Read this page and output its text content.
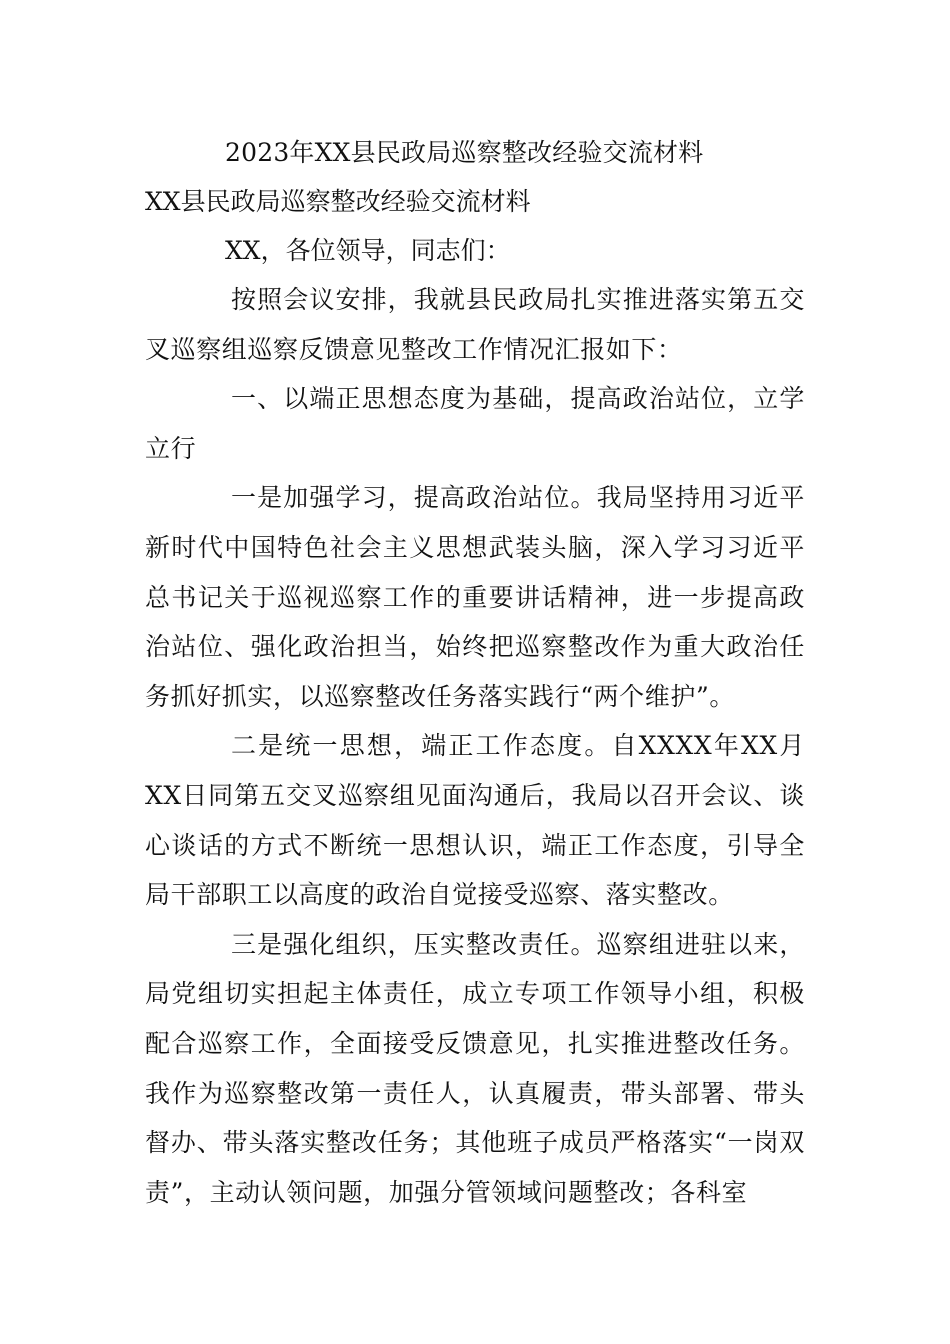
2023年XX县民政局巡察整改经验交流材料
XX县民政局巡察整改经验交流材料

XX，各位领导，同志们：

按照会议安排，我就县民政局扎实推进落实第五交叉巡察组巡察反馈意见整改工作情况汇报如下：

一、以端正思想态度为基础，提高政治站位，立学立行

一是加强学习，提高政治站位。我局坚持用习近平新时代中国特色社会主义思想武装头脑，深入学习习近平总书记关于巡视巡察工作的重要讲话精神，进一步提高政治站位、强化政治担当，始终把巡察整改作为重大政治任务抓好抓实，以巡察整改任务落实践行“两个维护”。

二是统一思想，端正工作态度。自XXXX年XX月XX日同第五交叉巡察组见面沟通后，我局以召开会议、谈心谈话的方式不断统一思想认识，端正工作态度，引导全局干部职工以高度的政治自觉接受巡察、落实整改。

三是强化组织，压实整改责任。巡察组进驻以来，局党组切实担起主体责任，成立专项工作领导小组，积极配合巡察工作，全面接受反馈意见，扎实推进整改任务。我作为巡察整改第一责任人，认真履责，带头部署、带头督办、带头落实整改任务；其他班子成员严格落实“一岗双责”，主动认领问题，加强分管领域问题整改；各科室
